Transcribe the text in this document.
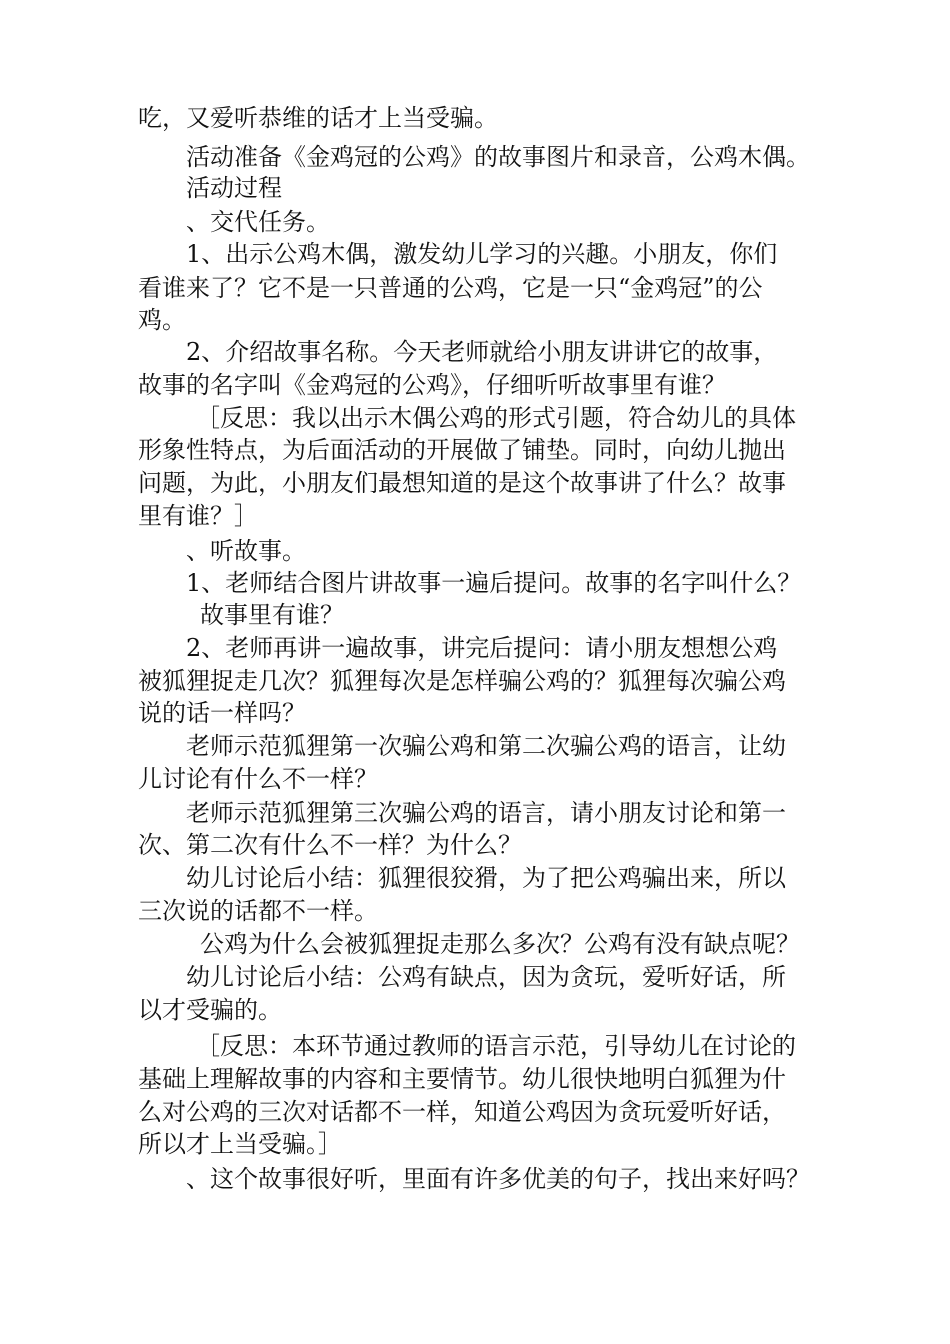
吃，又爱听恭维的话才上当受骗。
活动准备《金鸡冠的公鸡》的故事图片和录音，公鸡木偶。
活动过程
、交代任务。
1、出示公鸡木偶，激发幼儿学习的兴趣。小朋友，你们
看谁来了？它不是一只普通的公鸡，它是一只“金鸡冠”的公
鸡。
2、介绍故事名称。今天老师就给小朋友讲讲它的故事，
故事的名字叫《金鸡冠的公鸡》，仔细听听故事里有谁？
［反思：我以出示木偶公鸡的形式引题，符合幼儿的具体
形象性特点，为后面活动的开展做了铺垫。同时，向幼儿抛出
问题，为此，小朋友们最想知道的是这个故事讲了什么？故事
里有谁？］
、听故事。
1、老师结合图片讲故事一遍后提问。故事的名字叫什么？
故事里有谁？
2、老师再讲一遍故事，讲完后提问：请小朋友想想公鸡
被狐狸捉走几次？狐狸每次是怎样骗公鸡的？狐狸每次骗公鸡
说的话一样吗？
老师示范狐狸第一次骗公鸡和第二次骗公鸡的语言，让幼
儿讨论有什么不一样？
老师示范狐狸第三次骗公鸡的语言，请小朋友讨论和第一
次、第二次有什么不一样？为什么？
幼儿讨论后小结：狐狸很狡猾，为了把公鸡骗出来，所以
三次说的话都不一样。
公鸡为什么会被狐狸捉走那么多次？公鸡有没有缺点呢？
幼儿讨论后小结：公鸡有缺点，因为贪玩，爱听好话，所
以才受骗的。
［反思：本环节通过教师的语言示范，引导幼儿在讨论的
基础上理解故事的内容和主要情节。幼儿很快地明白狐狸为什
么对公鸡的三次对话都不一样，知道公鸡因为贪玩爱听好话，
所以才上当受骗。］
、这个故事很好听，里面有许多优美的句子，找出来好吗？
